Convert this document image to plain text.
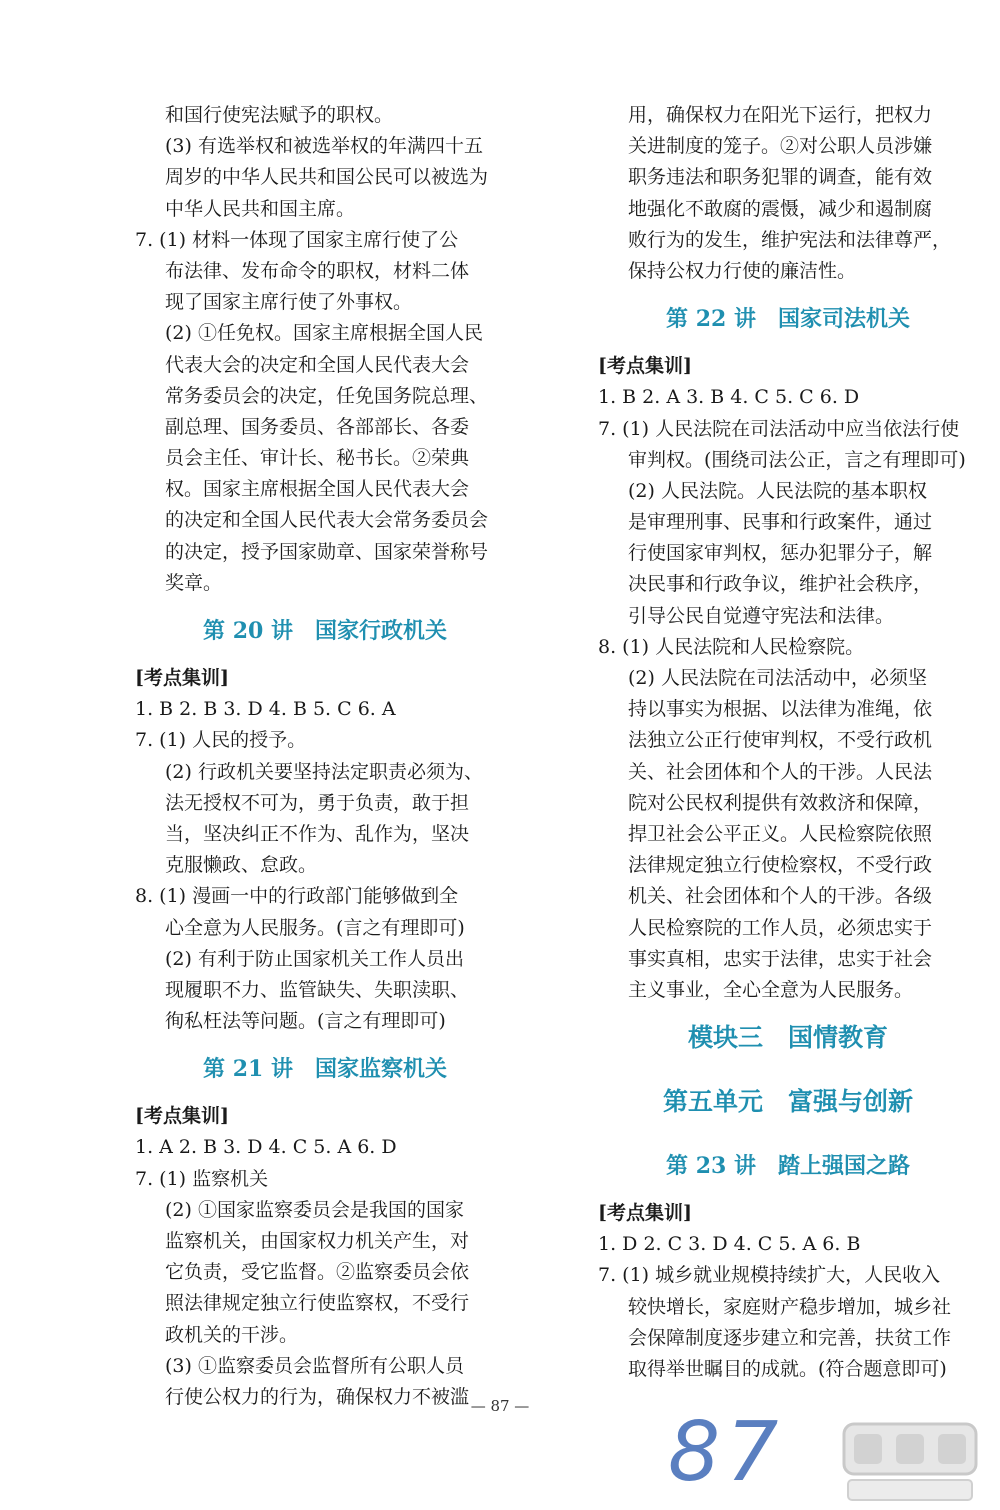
和国行使宪法赋予的职权。
(3) 有选举权和被选举权的年满四十五
周岁的中华人民共和国公民可以被选为
中华人民共和国主席。
7. (1) 材料一体现了国家主席行使了公
布法律、发布命令的职权，材料二体
现了国家主席行使了外事权。
(2) ①任免权。国家主席根据全国人民
代表大会的决定和全国人民代表大会
常务委员会的决定，任免国务院总理、
副总理、国务委员、各部部长、各委
员会主任、审计长、秘书长。②荣典
权。国家主席根据全国人民代表大会
的决定和全国人民代表大会常务委员会
的决定，授予国家勋章、国家荣誉称号
奖章。
第 20 讲　国家行政机关
[考点集训]
1. B 2. B 3. D 4. B 5. C 6. A
7. (1) 人民的授予。
(2) 行政机关要坚持法定职责必须为、
法无授权不可为，勇于负责，敢于担
当，坚决纠正不作为、乱作为，坚决
克服懒政、怠政。
8. (1) 漫画一中的行政部门能够做到全
心全意为人民服务。(言之有理即可)
(2) 有利于防止国家机关工作人员出
现履职不力、监管缺失、失职渎职、
徇私枉法等问题。(言之有理即可)
第 21 讲　国家监察机关
[考点集训]
1. A 2. B 3. D 4. C 5. A 6. D
7. (1) 监察机关
(2) ①国家监察委员会是我国的国家
监察机关，由国家权力机关产生，对
它负责，受它监督。②监察委员会依
照法律规定独立行使监察权，不受行
政机关的干涉。
(3) ①监察委员会监督所有公职人员
行使公权力的行为，确保权力不被滥
用，确保权力在阳光下运行，把权力
关进制度的笼子。②对公职人员涉嫌
职务违法和职务犯罪的调查，能有效
地强化不敢腐的震慑，减少和遏制腐
败行为的发生，维护宪法和法律尊严，
保持公权力行使的廉洁性。
第 22 讲　国家司法机关
[考点集训]
1. B 2. A 3. B 4. C 5. C 6. D
7. (1) 人民法院在司法活动中应当依法行使
审判权。(围绕司法公正，言之有理即可)
(2) 人民法院。人民法院的基本职权
是审理刑事、民事和行政案件，通过
行使国家审判权，惩办犯罪分子，解
决民事和行政争议，维护社会秩序，
引导公民自觉遵守宪法和法律。
8. (1) 人民法院和人民检察院。
(2) 人民法院在司法活动中，必须坚
持以事实为根据、以法律为准绳，依
法独立公正行使审判权，不受行政机
关、社会团体和个人的干涉。人民法
院对公民权利提供有效救济和保障，
捍卫社会公平正义。人民检察院依照
法律规定独立行使检察权，不受行政
机关、社会团体和个人的干涉。各级
人民检察院的工作人员，必须忠实于
事实真相，忠实于法律，忠实于社会
主义事业，全心全意为人民服务。
模块三　国情教育
第五单元　富强与创新
第 23 讲　踏上强国之路
[考点集训]
1. D 2. C 3. D 4. C 5. A 6. B
7. (1) 城乡就业规模持续扩大，人民收入
较快增长，家庭财产稳步增加，城乡社
会保障制度逐步建立和完善，扶贫工作
取得举世瞩目的成就。(符合题意即可)
— 87 —	87
